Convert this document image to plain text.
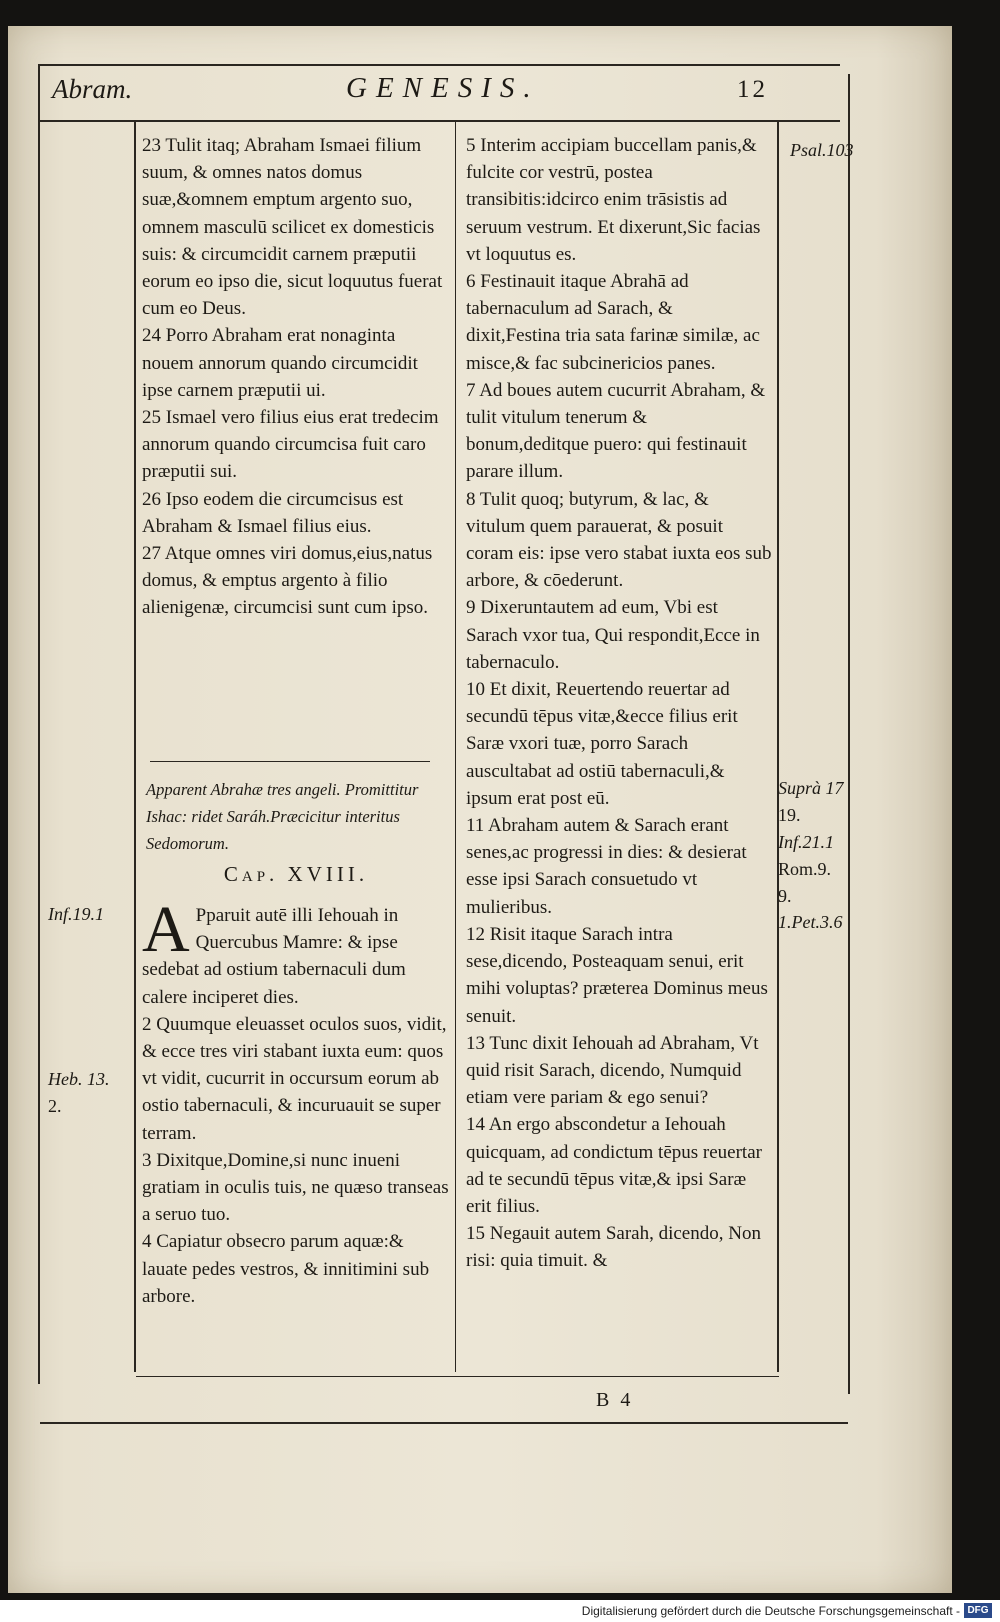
Abram.	GENESIS.	12

23 Tulit itaq; Abraham Ismaei filium suum, & omnes natos domus suæ,&omnem emptum argento suo, omnem masculū scilicet ex domesticis suis: & circumcidit carnem præputii eorum eo ipso die, sicut loquutus fuerat cum eo Deus.

24 Porro Abraham erat nonaginta nouem annorum quando circumcidit ipse carnem præputii ui.

25 Ismael vero filius eius erat tredecim annorum quando circumcisa fuit caro præputii sui.

26 Ipso eodem die circumcisus est Abraham & Ismael filius eius.

27 Atque omnes viri domus,eius,natus domus, & emptus argento à filio alienigenæ, circumcisi sunt cum ipso.

Apparent Abrahæ tres angeli. Promittitur Ishac: ridet Saráh.Præcicitur interitus Sedomorum.
Cap. XVIII.

A Pparuit autē illi Iehouah in Quercubus Mamre: & ipse sedebat ad ostium tabernaculi dum calere inciperet dies.

2 Quumque eleuasset oculos suos, vidit, & ecce tres viri stabant iuxta eum: quos vt vidit, cucurrit in occursum eorum ab ostio tabernaculi, & incuruauit se super terram.

3 Dixitque,Domine,si nunc inueni gratiam in oculis tuis, ne quæso transeas a seruo tuo.

4 Capiatur obsecro parum aquæ:& lauate pedes vestros, & innitimini sub arbore.

5 Interim accipiam buccellam panis,& fulcite cor vestrū, postea transibitis:idcirco enim trāsistis ad seruum vestrum. Et dixerunt,Sic facias vt loquutus es.

6 Festinauit itaque Abrahā ad tabernaculum ad Sarach, & dixit,Festina tria sata farinæ similæ, ac misce,& fac subcinericios panes.

7 Ad boues autem cucurrit Abraham, & tulit vitulum tenerum & bonum,deditque puero: qui festinauit parare illum.

8 Tulit quoq; butyrum, & lac, & vitulum quem parauerat, & posuit coram eis: ipse vero stabat iuxta eos sub arbore, & cōederunt.

9 Dixeruntautem ad eum, Vbi est Sarach vxor tua, Qui respondit,Ecce in tabernaculo.

10 Et dixit, Reuertendo reuertar ad secundū tēpus vitæ,&ecce filius erit Saræ vxori tuæ, porro Sarach auscultabat ad ostiū tabernaculi,& ipsum erat post eū.

11 Abraham autem & Sarach erant senes,ac progressi in dies: & desierat esse ipsi Sarach consuetudo vt mulieribus.

12 Risit itaque Sarach intra sese,dicendo, Posteaquam senui, erit mihi voluptas? præterea Dominus meus senuit.

13 Tunc dixit Iehouah ad Abraham, Vt quid risit Sarach, dicendo, Numquid etiam vere pariam & ego senui?

14 An ergo abscondetur a Iehouah quicquam, ad condictum tēpus reuertar ad te secundū tēpus vitæ,& ipsi Saræ erit filius.

15 Negauit autem Sarah, dicendo, Non risi: quia timuit. &

Psal.103
Suprà 17
19.
Inf.21.1
Rom.9.
9.
1.Pet.3.6
Inf.19.1
Heb. 13.
2.
B 4
Digitalisierung gefördert durch die Deutsche Forschungsgemeinschaft - DFG
